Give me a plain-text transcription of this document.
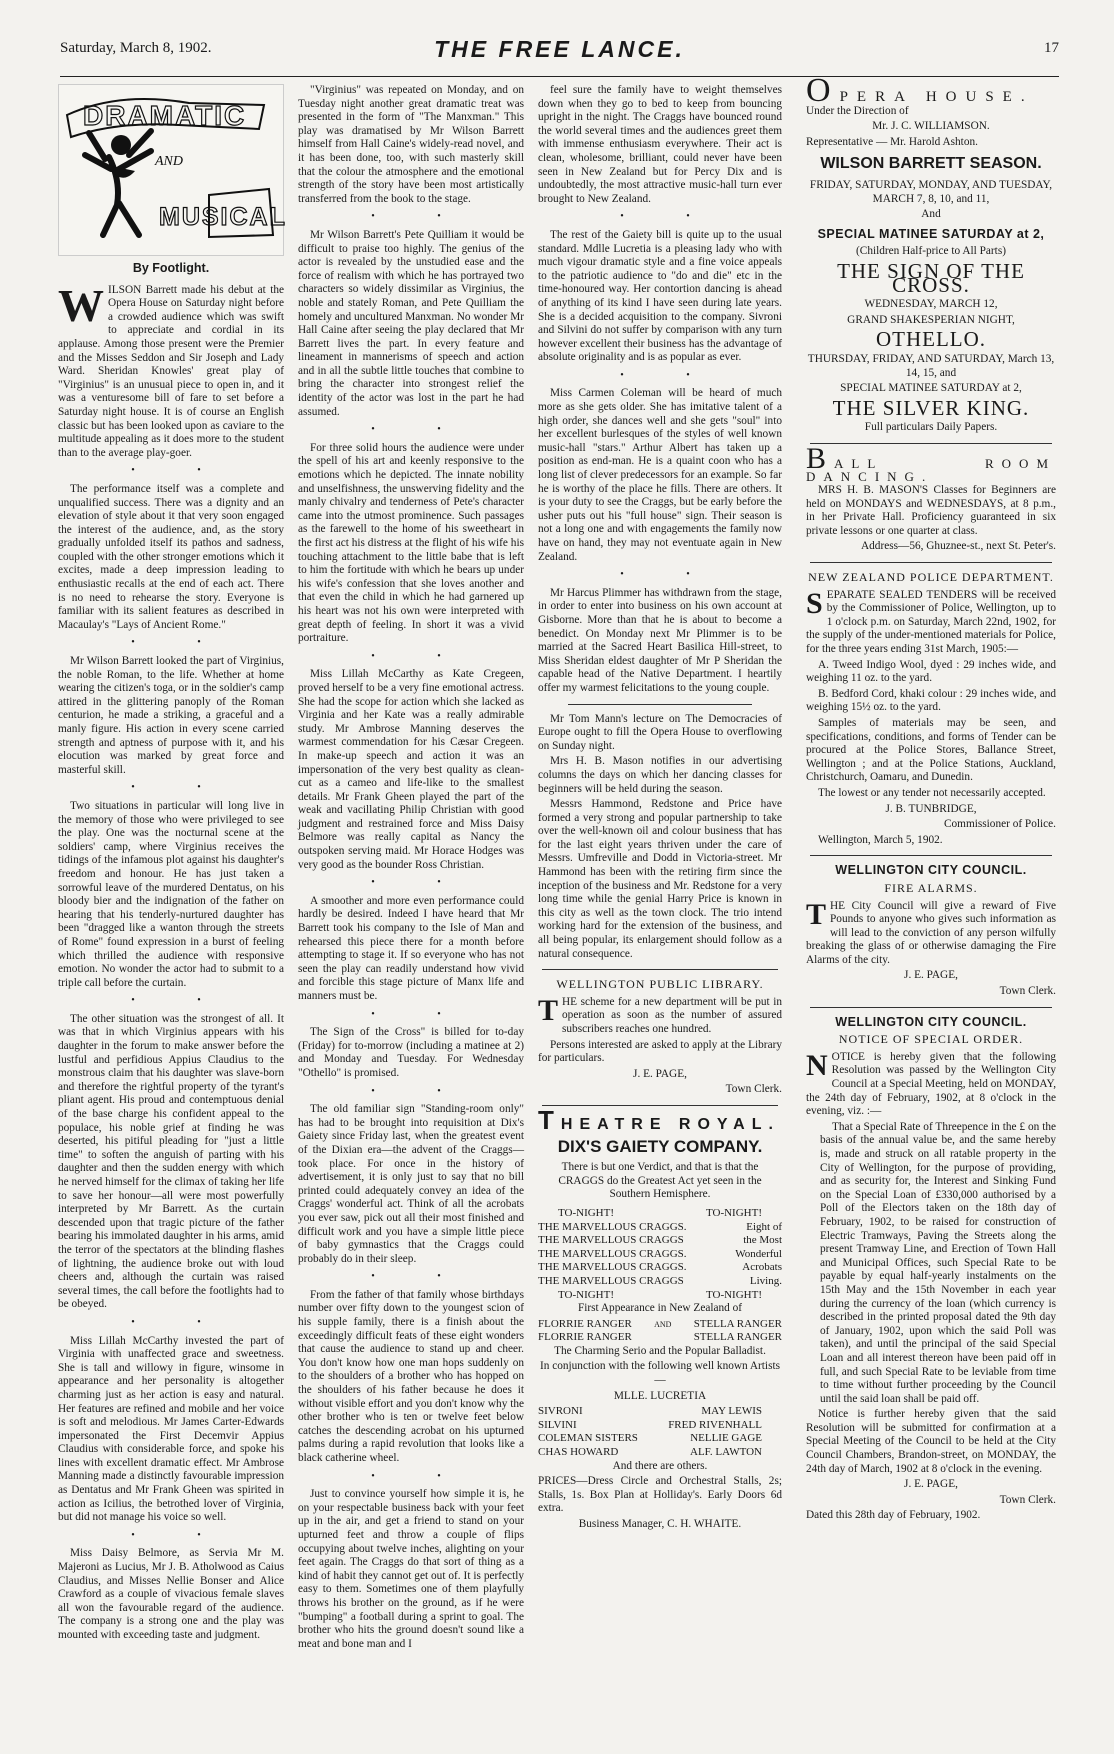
Saturday, March 8, 1902.	THE FREE LANCE.	17
AND
DRAMATIC
MUSICAL
By Footlight.

WILSON Barrett made his debut at the Opera House on Saturday night before a crowded audience which was swift to appreciate and cordial in its applause. Among those present were the Premier and the Misses Seddon and Sir Joseph and Lady Ward. Sheridan Knowles' great play of "Virginius" is an unusual piece to open in, and it was a venturesome bill of fare to set before a Saturday night house. It is of course an English classic but has been looked upon as caviare to the multitude appealing as it does more to the student than to the average play-goer.

• •

The performance itself was a complete and unqualified success. There was a dignity and an elevation of style about it that very soon engaged the interest of the audience, and, as the story gradually unfolded itself its pathos and sadness, coupled with the other stronger emotions which it excites, made a deep impression leading to enthusiastic recalls at the end of each act. There is no need to rehearse the story. Everyone is familiar with its salient features as described in Macaulay's "Lays of Ancient Rome."

• •

Mr Wilson Barrett looked the part of Virginius, the noble Roman, to the life. Whether at home wearing the citizen's toga, or in the soldier's camp attired in the glittering panoply of the Roman centurion, he made a striking, a graceful and a manly figure. His action in every scene carried strength and aptness of purpose with it, and his elocution was marked by great force and masterful skill.

• •

Two situations in particular will long live in the memory of those who were privileged to see the play. One was the nocturnal scene at the soldiers' camp, where Virginius receives the tidings of the infamous plot against his daughter's freedom and honour. He has just taken a sorrowful leave of the murdered Dentatus, on his bloody bier and the indignation of the father on hearing that his tenderly-nurtured daughter has been "dragged like a wanton through the streets of Rome" found expression in a burst of feeling which thrilled the audience with responsive emotion. No wonder the actor had to submit to a triple call before the curtain.

• •

The other situation was the strongest of all. It was that in which Virginius appears with his daughter in the forum to make answer before the lustful and perfidious Appius Claudius to the monstrous claim that his daughter was slave-born and therefore the rightful property of the tyrant's pliant agent. His proud and contemptuous denial of the base charge his confident appeal to the populace, his noble grief at finding he was deserted, his pitiful pleading for "just a little time" to soften the anguish of parting with his daughter and then the sudden energy with which he nerved himself for the climax of taking her life to save her honour—all were most powerfully interpreted by Mr Barrett. As the curtain descended upon that tragic picture of the father bearing his immolated daughter in his arms, amid the terror of the spectators at the blinding flashes of lightning, the audience broke out with loud cheers and, although the curtain was raised several times, the call before the footlights had to be obeyed.

• •

Miss Lillah McCarthy invested the part of Virginia with unaffected grace and sweetness. She is tall and willowy in figure, winsome in appearance and her personality is altogether charming just as her action is easy and natural. Her features are refined and mobile and her voice is soft and melodious. Mr James Carter-Edwards impersonated the First Decemvir Appius Claudius with considerable force, and spoke his lines with excellent dramatic effect. Mr Ambrose Manning made a distinctly favourable impression as Dentatus and Mr Frank Gheen was spirited in action as Icilius, the betrothed lover of Virginia, but did not manage his voice so well.

• •

Miss Daisy Belmore, as Servia Mr M. Majeroni as Lucius, Mr J. B. Atholwood as Caius Claudius, and Misses Nellie Bonser and Alice Crawford as a couple of vivacious female slaves all won the favourable regard of the audience. The company is a strong one and the play was mounted with exceeding taste and judgment.

"Virginius" was repeated on Monday, and on Tuesday night another great dramatic treat was presented in the form of "The Manxman." This play was dramatised by Mr Wilson Barrett himself from Hall Caine's widely-read novel, and it has been done, too, with such masterly skill that the colour the atmosphere and the emotional strength of the story have been most artistically transferred from the book to the stage.

• •

Mr Wilson Barrett's Pete Quilliam it would be difficult to praise too highly. The genius of the actor is revealed by the unstudied ease and the force of realism with which he has portrayed two characters so widely dissimilar as Virginius, the noble and stately Roman, and Pete Quilliam the homely and uncultured Manxman. No wonder Mr Hall Caine after seeing the play declared that Mr Barrett lives the part. In every feature and lineament in mannerisms of speech and action and in all the subtle little touches that combine to bring the character into strongest relief the identity of the actor was lost in the part he had assumed.

• •

For three solid hours the audience were under the spell of his art and keenly responsive to the emotions which he depicted. The innate nobility and unselfishness, the unswerving fidelity and the manly chivalry and tenderness of Pete's character came into the utmost prominence. Such passages as the farewell to the home of his sweetheart in the first act his distress at the flight of his wife his touching attachment to the little babe that is left to him the fortitude with which he bears up under his wife's confession that she loves another and that even the child in which he had garnered up his heart was not his own were interpreted with great depth of feeling. In short it was a vivid portraiture.

• •

Miss Lillah McCarthy as Kate Cregeen, proved herself to be a very fine emotional actress. She had the scope for action which she lacked as Virginia and her Kate was a really admirable study. Mr Ambrose Manning deserves the warmest commendation for his Cæsar Cregeen. In make-up speech and action it was an impersonation of the very best quality as clean-cut as a cameo and life-like to the smallest details. Mr Frank Gheen played the part of the weak and vacillating Philip Christian with good judgment and restrained force and Miss Daisy Belmore was really capital as Nancy the outspoken serving maid. Mr Horace Hodges was very good as the bounder Ross Christian.

• •

A smoother and more even performance could hardly be desired. Indeed I have heard that Mr Barrett took his company to the Isle of Man and rehearsed this piece there for a month before attempting to stage it. If so everyone who has not seen the play can readily understand how vivid and forcible this stage picture of Manx life and manners must be.

• •

The Sign of the Cross" is billed for to-day (Friday) for to-morrow (including a matinee at 2) and Monday and Tuesday. For Wednesday "Othello" is promised.

• •

The old familiar sign "Standing-room only" has had to be brought into requisition at Dix's Gaiety since Friday last, when the greatest event of the Dixian era—the advent of the Craggs—took place. For once in the history of advertisement, it is only just to say that no bill printed could adequately convey an idea of the Craggs' wonderful act. Think of all the acrobats you ever saw, pick out all their most finished and difficult work and you have a simple little piece of baby gymnastics that the Craggs could probably do in their sleep.

• •

From the father of that family whose birthdays number over fifty down to the youngest scion of his supple family, there is a finish about the exceedingly difficult feats of these eight wonders that cause the audience to stand up and cheer. You don't know how one man hops suddenly on to the shoulders of a brother who has hopped on the shoulders of his father because he does it without visible effort and you don't know why the other brother who is ten or twelve feet below catches the descending acrobat on his upturned palms during a rapid revolution that looks like a black catherine wheel.

• •

Just to convince yourself how simple it is, he on your respectable business back with your feet up in the air, and get a friend to stand on your upturned feet and throw a couple of flips occupying about twelve inches, alighting on your feet again. The Craggs do that sort of thing as a kind of habit they cannot get out of. It is perfectly easy to them. Sometimes one of them playfully throws his brother on the ground, as if he were "bumping" a football during a sprint to goal. The brother who hits the ground doesn't sound like a meat and bone man and I

feel sure the family have to weight themselves down when they go to bed to keep from bouncing upright in the night. The Craggs have bounced round the world several times and the audiences greet them with immense enthusiasm everywhere. Their act is clean, wholesome, brilliant, could never have been seen in New Zealand but for Percy Dix and is undoubtedly, the most attractive music-hall turn ever brought to New Zealand.

• •

The rest of the Gaiety bill is quite up to the usual standard. Mdlle Lucretia is a pleasing lady who with much vigour dramatic style and a fine voice appeals to the patriotic audience to "do and die" etc in the time-honoured way. Her contortion dancing is ahead of anything of its kind I have seen during late years. She is a decided acquisition to the company. Sivroni and Silvini do not suffer by comparison with any turn however excellent their business has the advantage of absolute originality and is as popular as ever.

• •

Miss Carmen Coleman will be heard of much more as she gets older. She has imitative talent of a high order, she dances well and she gets "soul" into her excellent burlesques of the styles of well known music-hall "stars." Arthur Albert has taken up a position as end-man. He is a quaint coon who has a long list of clever predecessors for an example. So far he is worthy of the place he fills. There are others. It is your duty to see the Craggs, but be early before the usher puts out his "full house" sign. Their season is not a long one and with engagements the family now have on hand, they may not eventuate again in New Zealand.

• •

Mr Harcus Plimmer has withdrawn from the stage, in order to enter into business on his own account at Gisborne. More than that he is about to become a benedict. On Monday next Mr Plimmer is to be married at the Sacred Heart Basilica Hill-street, to Miss Sheridan eldest daughter of Mr P Sheridan the capable head of the Native Department. I heartily offer my warmest felicitations to the young couple.

Mr Tom Mann's lecture on The Democracies of Europe ought to fill the Opera House to overflowing on Sunday night.

Mrs H. B. Mason notifies in our advertising columns the days on which her dancing classes for beginners will be held during the season.

Messrs Hammond, Redstone and Price have formed a very strong and popular partnership to take over the well-known oil and colour business that has for the last eight years thriven under the care of Messrs. Umfreville and Dodd in Victoria-street. Mr Hammond has been with the retiring firm since the inception of the business and Mr. Redstone for a very long time while the genial Harry Price is known in this city as well as the town clock. The trio intend working hard for the extension of the business, and all being popular, its enlargement should follow as a natural consequence.

WELLINGTON PUBLIC LIBRARY.

THE scheme for a new department will be put in operation as soon as the number of assured subscribers reaches one hundred.

Persons interested are asked to apply at the Library for particulars.

J. E. PAGE,

Town Clerk.

THEATRE ROYAL.
DIX'S GAIETY COMPANY.

There is but one Verdict, and that is that the CRAGGS do the Greatest Act yet seen in the Southern Hemisphere.

TO-NIGHT!	TO-NIGHT!
THE MARVELLOUS CRAGGS.	Eight of
THE MARVELLOUS CRAGGS	the Most
THE MARVELLOUS CRAGGS.	Wonderful
THE MARVELLOUS CRAGGS.	Acrobats
THE MARVELLOUS CRAGGS	Living.
TO-NIGHT!	TO-NIGHT!

First Appearance in New Zealand of

FLORRIE RANGER	AND STELLA RANGER
FLORRIE RANGER	STELLA RANGER

The Charming Serio and the Popular Balladist.

In conjunction with the following well known Artists—

MLLE. LUCRETIA

SIVRONI	MAY LEWIS
SILVINI	FRED RIVENHALL
COLEMAN SISTERS	NELLIE GAGE
CHAS HOWARD	ALF. LAWTON

And there are others.

PRICES—Dress Circle and Orchestral Stalls, 2s; Stalls, 1s. Box Plan at Holliday's. Early Doors 6d extra.

Business Manager, C. H. WHAITE.

OPERA HOUSE.

Under the Direction of

Mr. J. C. WILLIAMSON.

Representative — Mr. Harold Ashton.

WILSON BARRETT SEASON.

FRIDAY, SATURDAY, MONDAY, AND TUESDAY, MARCH 7, 8, 10, and 11,

And

SPECIAL MATINEE SATURDAY at 2,

(Children Half-price to All Parts)

THE SIGN OF THE CROSS.

WEDNESDAY, MARCH 12,

GRAND SHAKESPERIAN NIGHT,

OTHELLO.

THURSDAY, FRIDAY, AND SATURDAY, March 13, 14, 15, and

SPECIAL MATINEE SATURDAY at 2,

THE SILVER KING.

Full particulars Daily Papers.

BALL ROOM DANCING.

MRS H. B. MASON'S Classes for Beginners are held on MONDAYS and WEDNESDAYS, at 8 p.m., in her Private Hall. Proficiency guaranteed in six private lessons or one quarter at class.

Address—56, Ghuznee-st., next St. Peter's.

NEW ZEALAND POLICE DEPARTMENT.

SEPARATE SEALED TENDERS will be received by the Commissioner of Police, Wellington, up to 1 o'clock p.m. on Saturday, March 22nd, 1902, for the supply of the under-mentioned materials for Police, for the three years ending 31st March, 1905:—

A. Tweed Indigo Wool, dyed : 29 inches wide, and weighing 11 oz. to the yard.

B. Bedford Cord, khaki colour : 29 inches wide, and weighing 15½ oz. to the yard.

Samples of materials may be seen, and specifications, conditions, and forms of Tender can be procured at the Police Stores, Ballance Street, Wellington ; and at the Police Stations, Auckland, Christchurch, Oamaru, and Dunedin.

The lowest or any tender not necessarily accepted.

J. B. TUNBRIDGE,

Commissioner of Police.

Wellington, March 5, 1902.

WELLINGTON CITY COUNCIL.
FIRE ALARMS.

THE City Council will give a reward of Five Pounds to anyone who gives such information as will lead to the conviction of any person wilfully breaking the glass of or otherwise damaging the Fire Alarms of the city.

J. E. PAGE,

Town Clerk.

WELLINGTON CITY COUNCIL.
NOTICE OF SPECIAL ORDER.

NOTICE is hereby given that the following Resolution was passed by the Wellington City Council at a Special Meeting, held on MONDAY, the 24th day of February, 1902, at 8 o'clock in the evening, viz. :—

That a Special Rate of Threepence in the £ on the basis of the annual value be, and the same hereby is, made and struck on all ratable property in the City of Wellington, for the purpose of providing, and as security for, the Interest and Sinking Fund on the Special Loan of £330,000 authorised by a Poll of the Electors taken on the 18th day of February, 1902, to be raised for construction of Electric Tramways, Paving the Streets along the present Tramway Line, and Erection of Town Hall and Municipal Offices, such Special Rate to be payable by equal half-yearly instalments on the 15th May and the 15th November in each year during the currency of the loan (which currency is described in the printed proposal dated the 9th day of January, 1902, upon which the said Poll was taken), and until the principal of the said Special Loan and all interest thereon have been paid off in full, and such Special Rate to be leviable from time to time without further proceeding by the Council until the said loan shall be paid off.

Notice is further hereby given that the said Resolution will be submitted for confirmation at a Special Meeting of the Council to be held at the City Council Chambers, Brandon-street, on MONDAY, the 24th day of March, 1902 at 8 o'clock in the evening.

J. E. PAGE,

Town Clerk.

Dated this 28th day of February, 1902.
